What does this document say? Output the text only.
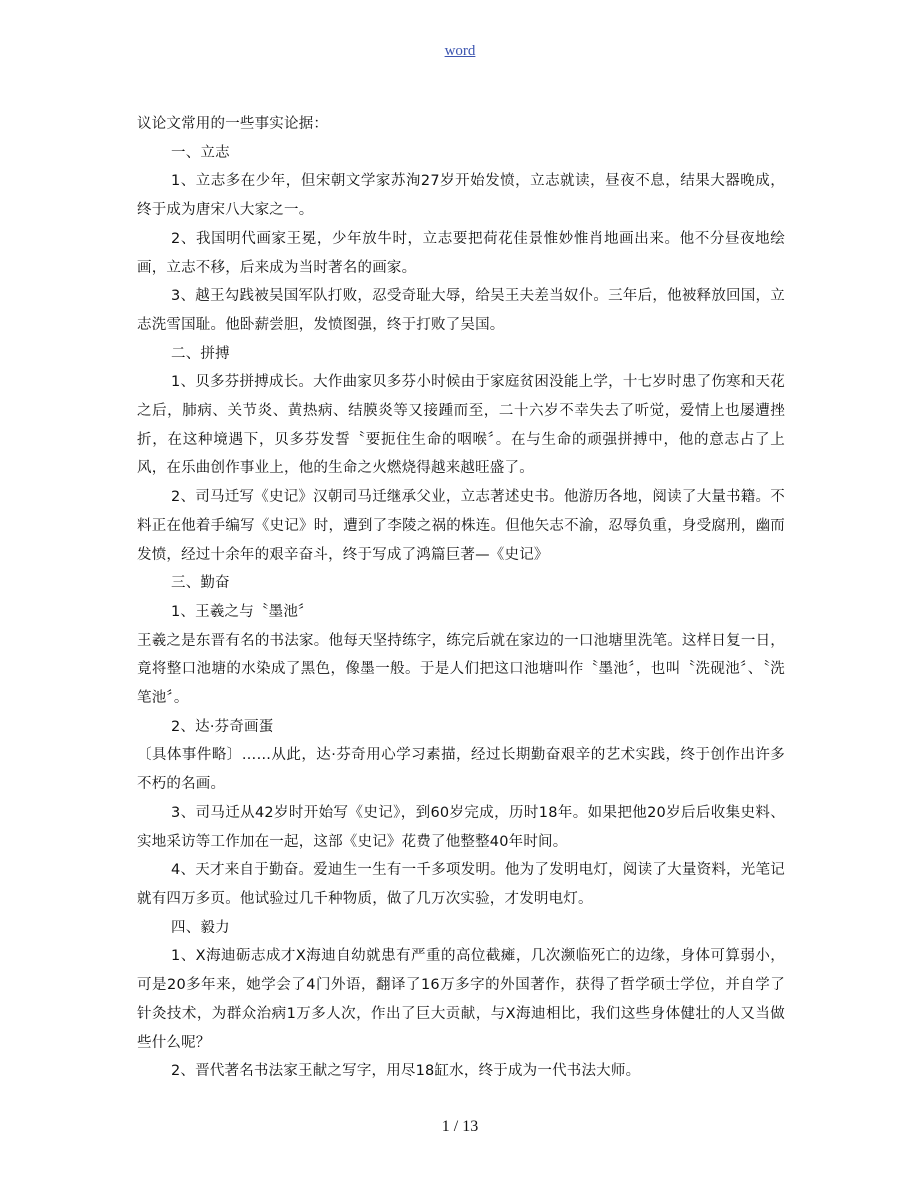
word

议论文常用的一些事实论据：

一、立志

1、立志多在少年，但宋朝文学家苏洵27岁开始发愤，立志就读，昼夜不息，结果大器晚成，终于成为唐宋八大家之一。

2、我国明代画家王冕，少年放牛时，立志要把荷花佳景惟妙惟肖地画出来。他不分昼夜地绘画，立志不移，后来成为当时著名的画家。

3、越王勾践被吴国军队打败，忍受奇耻大辱，给吴王夫差当奴仆。三年后，他被释放回国，立志洗雪国耻。他卧薪尝胆，发愤图强，终于打败了吴国。

二、拼搏

1、贝多芬拼搏成长。大作曲家贝多芬小时候由于家庭贫困没能上学，十七岁时患了伤寒和天花之后，肺病、关节炎、黄热病、结膜炎等又接踵而至，二十六岁不幸失去了听觉，爱情上也屡遭挫折，在这种境遇下，贝多芬发誓〝要扼住生命的咽喉〞。在与生命的顽强拼搏中，他的意志占了上风，在乐曲创作事业上，他的生命之火燃烧得越来越旺盛了。

2、司马迁写《史记》汉朝司马迁继承父业，立志著述史书。他游历各地，阅读了大量书籍。不料正在他着手编写《史记》时，遭到了李陵之祸的株连。但他矢志不渝，忍辱负重，身受腐刑，幽而发愤，经过十余年的艰辛奋斗，终于写成了鸿篇巨著—《史记》

三、勤奋

1、王羲之与〝墨池〞

王羲之是东晋有名的书法家。他每天坚持练字，练完后就在家边的一口池塘里洗笔。这样日复一日，竟将整口池塘的水染成了黑色，像墨一般。于是人们把这口池塘叫作〝墨池〞，也叫〝洗砚池〞、〝洗笔池〞。

2、达·芬奇画蛋

〔具体事件略〕……从此，达·芬奇用心学习素描，经过长期勤奋艰辛的艺术实践，终于创作出许多不朽的名画。

3、司马迁从42岁时开始写《史记》，到60岁完成，历时18年。如果把他20岁后后收集史料、实地采访等工作加在一起，这部《史记》花费了他整整40年时间。

4、天才来自于勤奋。爱迪生一生有一千多项发明。他为了发明电灯，阅读了大量资料，光笔记就有四万多页。他试验过几千种物质，做了几万次实验，才发明电灯。

四、毅力

1、X海迪砺志成才X海迪自幼就患有严重的高位截瘫，几次濒临死亡的边缘，身体可算弱小，可是20多年来，她学会了4门外语，翻译了16万多字的外国著作，获得了哲学硕士学位，并自学了针灸技术，为群众治病1万多人次，作出了巨大贡献，与X海迪相比，我们这些身体健壮的人又当做些什么呢？

2、晋代著名书法家王献之写字，用尽18缸水，终于成为一代书法大师。

1 / 13
